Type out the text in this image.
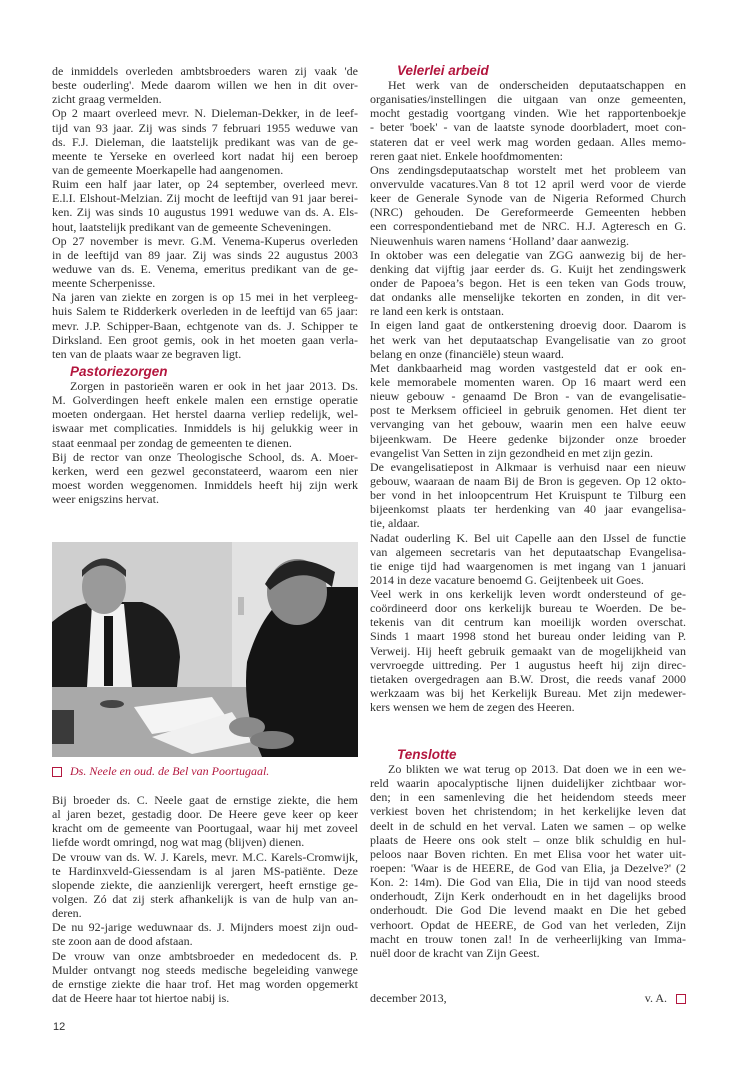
de inmiddels overleden ambtsbroeders waren zij vaak 'de
beste ouderling'. Mede daarom willen we hen in dit over-
zicht graag vermelden.
Op 2 maart overleed mevr. N. Dieleman-Dekker, in de leef-
tijd van 93 jaar. Zij was sinds 7 februari 1955 weduwe van
ds. F.J. Dieleman, die laatstelijk predikant was van de ge-
meente te Yerseke en overleed kort nadat hij een beroep
van de gemeente Moerkapelle had aangenomen.
Ruim een half jaar later, op 24 september, overleed mevr.
E.l.I. Elshout-Melzian. Zij mocht de leeftijd van 91 jaar berei-
ken. Zij was sinds 10 augustus 1991 weduwe van ds. A. Els-
hout, laatstelijk predikant van de gemeente Scheveningen.
Op 27 november is mevr. G.M. Venema-Kuperus overleden
in de leeftijd van 89 jaar. Zij was sinds 22 augustus 2003
weduwe van ds. E. Venema, emeritus predikant van de ge-
meente Scherpenisse.
Na jaren van ziekte en zorgen is op 15 mei in het verpleeg-
huis Salem te Ridderkerk overleden in de leeftijd van 65 jaar:
mevr. J.P. Schipper-Baan, echtgenote van ds. J. Schipper te
Dirksland. Een groot gemis, ook in het moeten gaan verla-
ten van de plaats waar ze begraven ligt.
Pastoriezorgen
Zorgen in pastorieën waren er ook in het jaar 2013. Ds.
M. Golverdingen heeft enkele malen een ernstige operatie
moeten ondergaan. Het herstel daarna verliep redelijk, wel-
iswaar met complicaties. Inmiddels is hij gelukkig weer in
staat eenmaal per zondag de gemeenten te dienen.
Bij de rector van onze Theologische School, ds. A. Moer-
kerken, werd een gezwel geconstateerd, waarom een nier
moest worden weggenomen. Inmiddels heeft hij zijn werk
weer enigszins hervat.
Ds. Neele en oud. de Bel van Poortugaal.
Bij broeder ds. C. Neele gaat de ernstige ziekte, die hem
al jaren bezet, gestadig door. De Heere geve keer op keer
kracht om de gemeente van Poortugaal, waar hij met zoveel
liefde wordt omringd, nog wat mag (blijven) dienen.
De vrouw van ds. W. J. Karels, mevr. M.C. Karels-Cromwijk,
te Hardinxveld-Giessendam is al jaren MS-patiënte. Deze
slopende ziekte, die aanzienlijk verergert, heeft ernstige ge-
volgen. Zó dat zij sterk afhankelijk is van de hulp van an-
deren.
De nu 92-jarige weduwnaar ds. J. Mijnders moest zijn oud-
ste zoon aan de dood afstaan.
De vrouw van onze ambtsbroeder en mededocent ds. P.
Mulder ontvangt nog steeds medische begeleiding vanwege
de ernstige ziekte die haar trof. Het mag worden opgemerkt
dat de Heere haar tot hiertoe nabij is.
12
Velerlei arbeid
Het werk van de onderscheiden deputaatschappen en
organisaties/instellingen die uitgaan van onze gemeenten,
mocht gestadig voortgang vinden. Wie het rapportenboekje
- beter 'boek' - van de laatste synode doorbladert, moet con-
stateren dat er veel werk mag worden gedaan. Alles memo-
reren gaat niet. Enkele hoofdmomenten:
Ons zendingsdeputaatschap worstelt met het probleem van
onvervulde vacatures.Van 8 tot 12 april werd voor de vierde
keer de Generale Synode van de Nigeria Reformed Church
(NRC) gehouden. De Gereformeerde Gemeenten hebben
een correspondentieband met de NRC. H.J. Agteresch en G.
Nieuwenhuis waren namens ‘Holland’ daar aanwezig.
In oktober was een delegatie van ZGG aanwezig bij de her-
denking dat vijftig jaar eerder ds. G. Kuijt het zendingswerk
onder de Papoea’s begon. Het is een teken van Gods trouw,
dat ondanks alle menselijke tekorten en zonden, in dit ver-
re land een kerk is ontstaan.
In eigen land gaat de ontkerstening droevig door. Daarom is
het werk van het deputaatschap Evangelisatie van zo groot
belang en onze (financiële) steun waard.
Met dankbaarheid mag worden vastgesteld dat er ook en-
kele memorabele momenten waren. Op 16 maart werd een
nieuw gebouw - genaamd De Bron - van de evangelisatie-
post te Merksem officieel in gebruik genomen. Het dient ter
vervanging van het gebouw, waarin men een halve eeuw
bijeenkwam. De Heere gedenke bijzonder onze broeder
evangelist Van Setten in zijn gezondheid en met zijn gezin.
De evangelisatiepost in Alkmaar is verhuisd naar een nieuw
gebouw, waaraan de naam Bij de Bron is gegeven. Op 12 okto-
ber vond in het inloopcentrum Het Kruispunt te Tilburg een
bijeenkomst plaats ter herdenking van 40 jaar evangelisa-
tie, aldaar.
Nadat ouderling K. Bel uit Capelle aan den IJssel de functie
van algemeen secretaris van het deputaatschap Evangelisa-
tie enige tijd had waargenomen is met ingang van 1 januari
2014 in deze vacature benoemd G. Geijtenbeek uit Goes.
Veel werk in ons kerkelijk leven wordt ondersteund of ge-
coördineerd door ons kerkelijk bureau te Woerden. De be-
tekenis van dit centrum kan moeilijk worden overschat.
Sinds 1 maart 1998 stond het bureau onder leiding van P.
Verweij. Hij heeft gebruik gemaakt van de mogelijkheid van
vervroegde uittreding. Per 1 augustus heeft hij zijn direc-
tietaken overgedragen aan B.W. Drost, die reeds vanaf 2000
werkzaam was bij het Kerkelijk Bureau. Met zijn medewer-
kers wensen we hem de zegen des Heeren.
Tenslotte
Zo blikten we wat terug op 2013. Dat doen we in een we-
reld waarin apocalyptische lijnen duidelijker zichtbaar wor-
den; in een samenleving die het heidendom steeds meer
verkiest boven het christendom; in het kerkelijke leven dat
deelt in de schuld en het verval. Laten we samen – op welke
plaats de Heere ons ook stelt – onze blik schuldig en hul-
peloos naar Boven richten. En met Elisa voor het water uit-
roepen: 'Waar is de HEERE, de God van Elia, ja Dezelve?' (2
Kon. 2: 14m). Die God van Elia, Die in tijd van nood steeds
onderhoudt, Zijn Kerk onderhoudt en in het dagelijks brood
onderhoudt. Die God Die levend maakt en Die het gebed
verhoort. Opdat de HEERE, de God van het verleden, Zijn
macht en trouw tonen zal! In de verheerlijking van Imma-
nuël door de kracht van Zijn Geest.
december 2013,	v. A.
